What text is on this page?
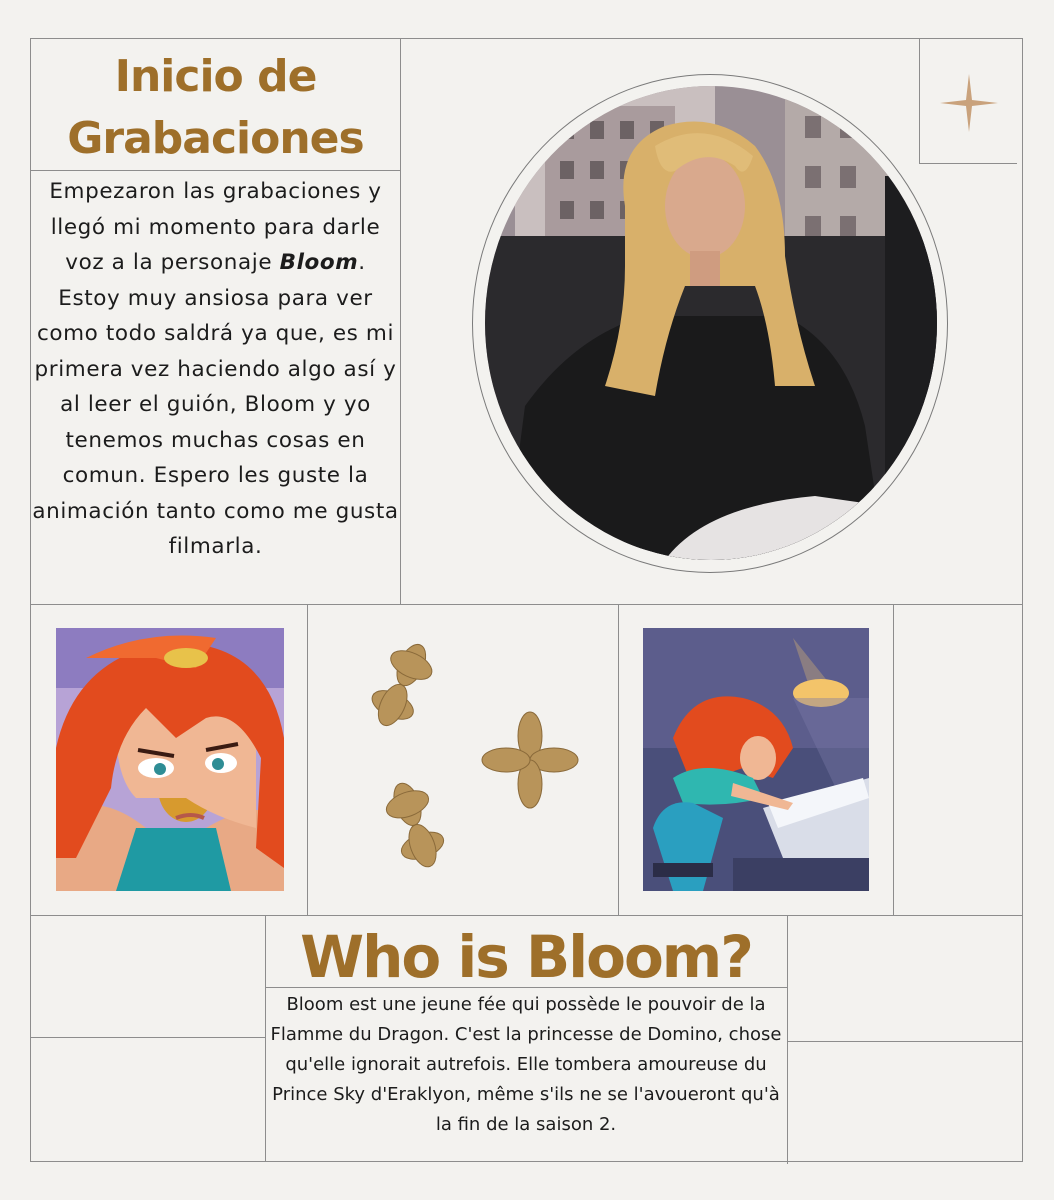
Inicio de Grabaciones

Empezaron las grabaciones y llegó mi momento para darle voz a la personaje Bloom. Estoy muy ansiosa para ver como todo saldrá ya que, es mi primera vez haciendo algo así y al leer el guión, Bloom y yo tenemos muchas cosas en comun. Espero les guste la animación tanto como me gusta filmarla.

Who is Bloom?

Bloom est une jeune fée qui possède le pouvoir de la Flamme du Dragon. C'est la princesse de Domino, chose qu'elle ignorait autrefois. Elle tombera amoureuse du Prince Sky d'Eraklyon, même s'ils ne se l'avoueront qu'à la fin de la saison 2.
